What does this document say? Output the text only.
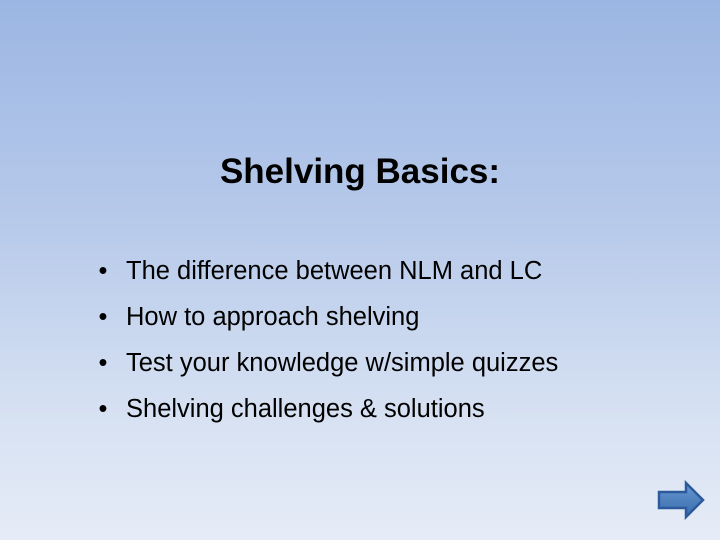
Shelving Basics:
• The difference between NLM and LC
• How to approach shelving
• Test your knowledge w/simple quizzes
• Shelving challenges & solutions
